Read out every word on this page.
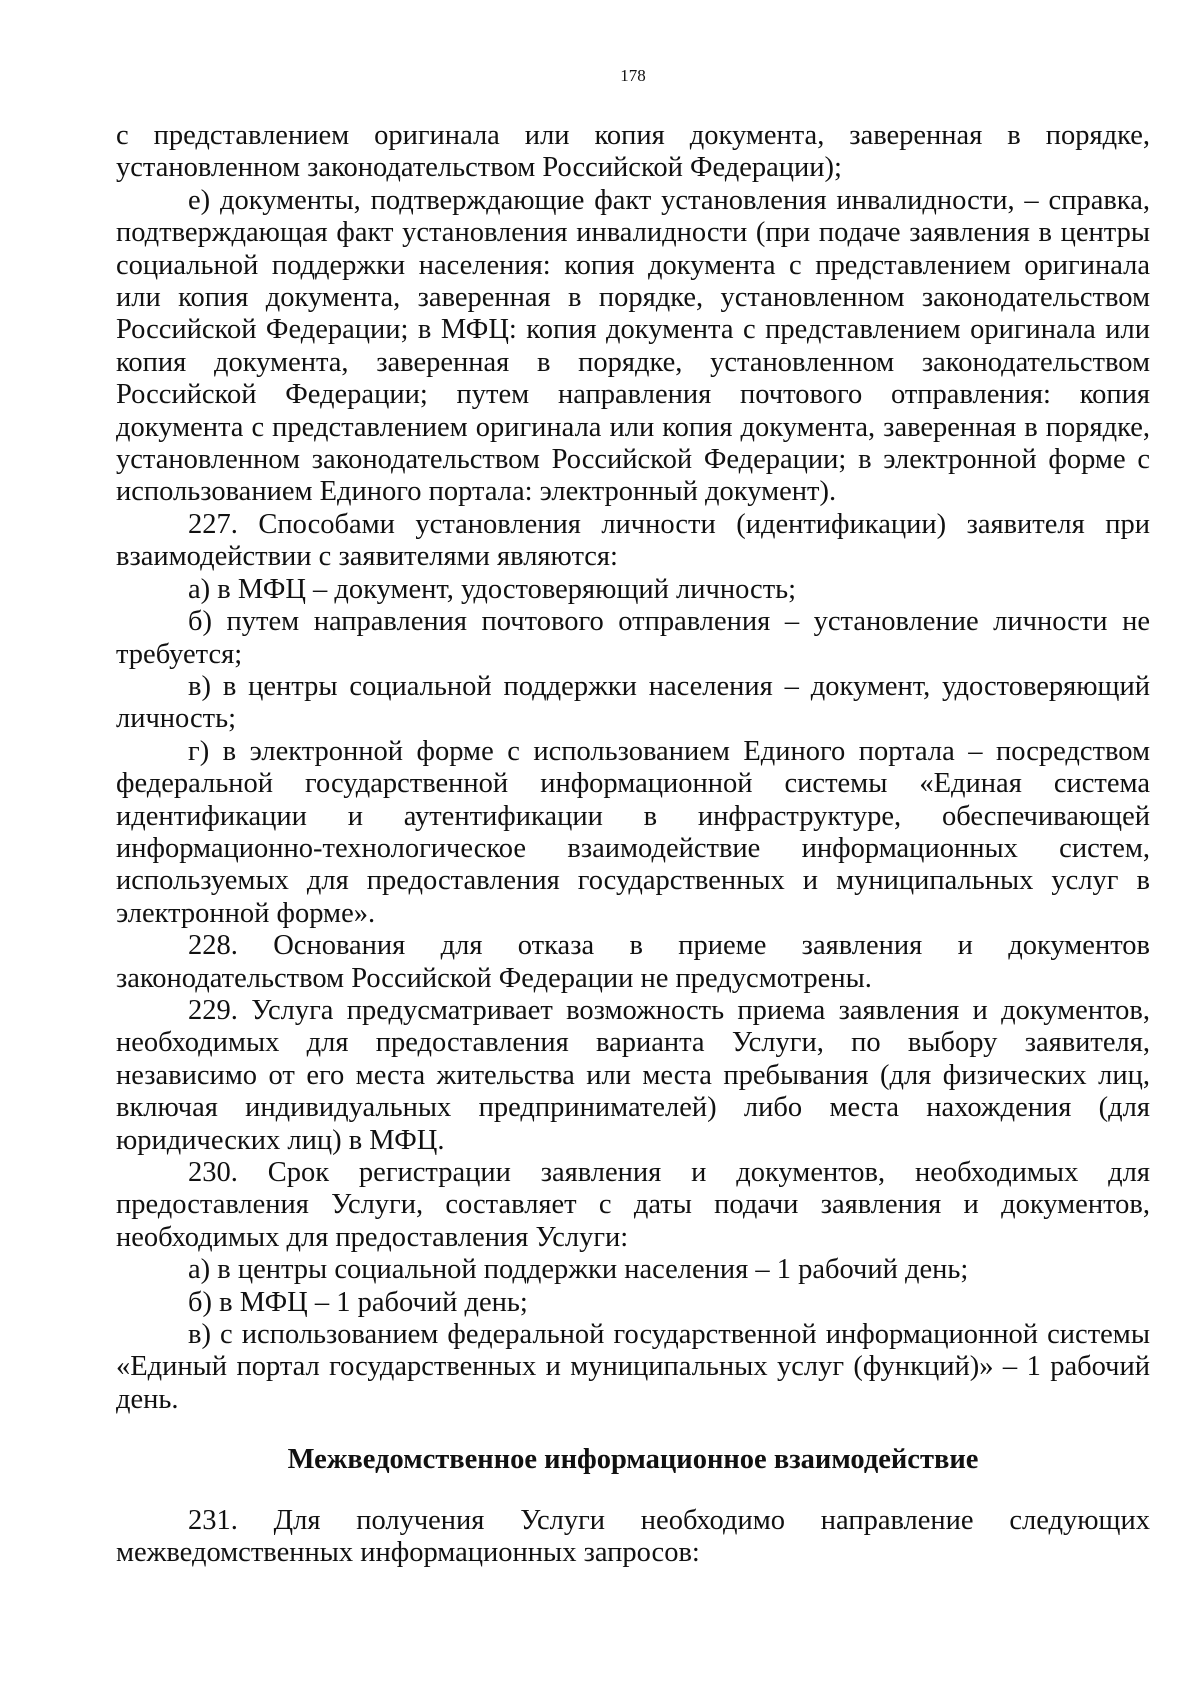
178

с представлением оригинала или копия документа, заверенная в порядке, установленном законодательством Российской Федерации);

е) документы, подтверждающие факт установления инвалидности, – справка, подтверждающая факт установления инвалидности (при подаче заявления в центры социальной поддержки населения: копия документа с представлением оригинала или копия документа, заверенная в порядке, установленном законодательством Российской Федерации; в МФЦ: копия документа с представлением оригинала или копия документа, заверенная в порядке, установленном законодательством Российской Федерации; путем направления почтового отправления: копия документа с представлением оригинала или копия документа, заверенная в порядке, установленном законодательством Российской Федерации; в электронной форме с использованием Единого портала: электронный документ).

227. Способами установления личности (идентификации) заявителя при взаимодействии с заявителями являются:

а) в МФЦ – документ, удостоверяющий личность;

б) путем направления почтового отправления – установление личности не требуется;

в) в центры социальной поддержки населения – документ, удостоверяющий личность;

г) в электронной форме с использованием Единого портала – посредством федеральной государственной информационной системы «Единая система идентификации и аутентификации в инфраструктуре, обеспечивающей информационно-технологическое взаимодействие информационных систем, используемых для предоставления государственных и муниципальных услуг в электронной форме».

228. Основания для отказа в приеме заявления и документов законодательством Российской Федерации не предусмотрены.

229. Услуга предусматривает возможность приема заявления и документов, необходимых для предоставления варианта Услуги, по выбору заявителя, независимо от его места жительства или места пребывания (для физических лиц, включая индивидуальных предпринимателей) либо места нахождения (для юридических лиц) в МФЦ.

230. Срок регистрации заявления и документов, необходимых для предоставления Услуги, составляет с даты подачи заявления и документов, необходимых для предоставления Услуги:

а) в центры социальной поддержки населения – 1 рабочий день;

б) в МФЦ – 1 рабочий день;

в) с использованием федеральной государственной информационной системы «Единый портал государственных и муниципальных услуг (функций)» – 1 рабочий день.

Межведомственное информационное взаимодействие

231. Для получения Услуги необходимо направление следующих межведомственных информационных запросов:
